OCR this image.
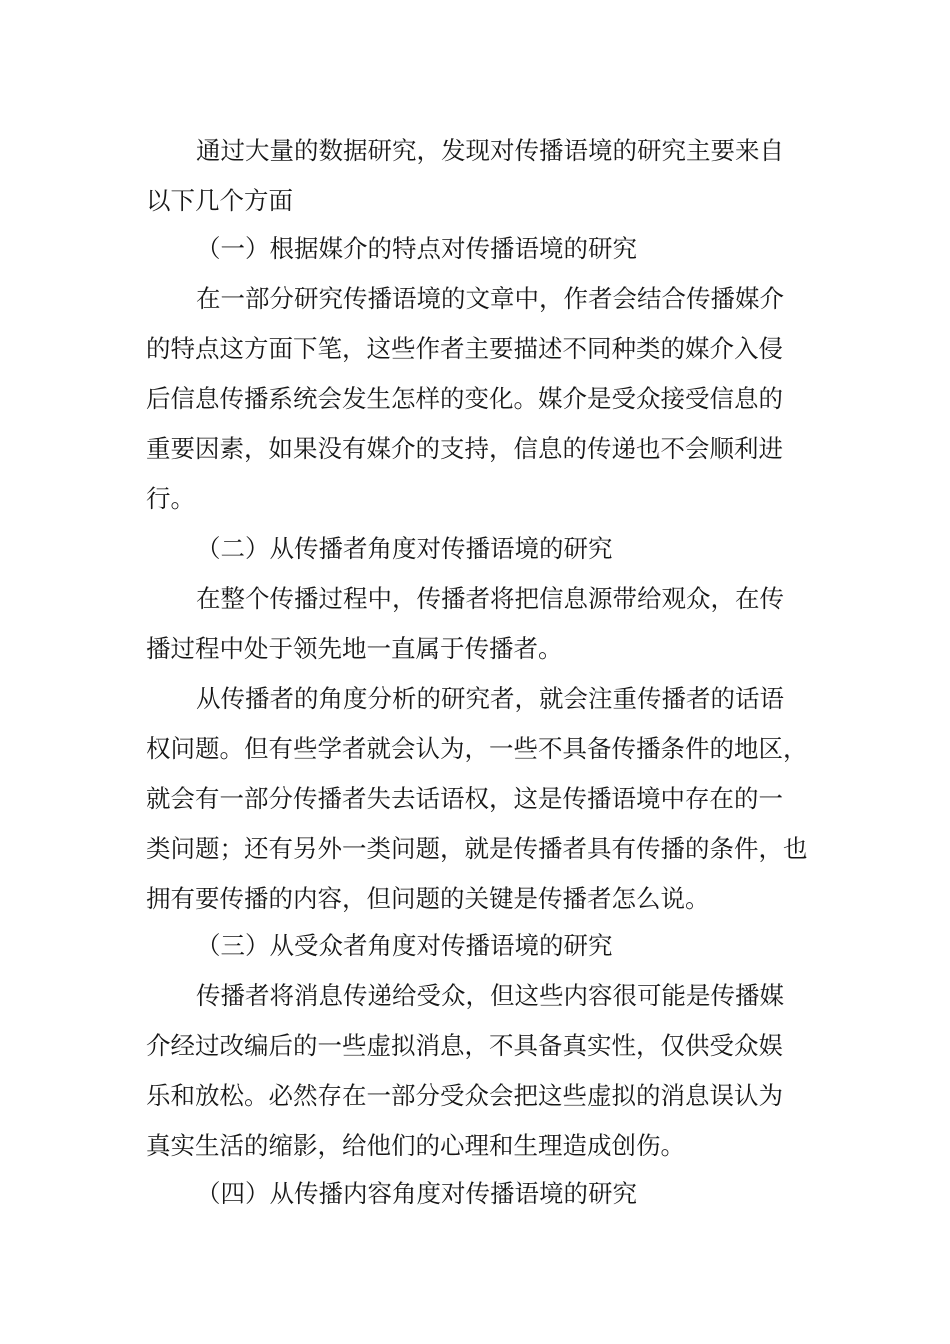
通过大量的数据研究，发现对传播语境的研究主要来自
以下几个方面
（一）根据媒介的特点对传播语境的研究
在一部分研究传播语境的文章中，作者会结合传播媒介
的特点这方面下笔，这些作者主要描述不同种类的媒介入侵
后信息传播系统会发生怎样的变化。媒介是受众接受信息的
重要因素，如果没有媒介的支持，信息的传递也不会顺利进
行。
（二）从传播者角度对传播语境的研究
在整个传播过程中，传播者将把信息源带给观众，在传
播过程中处于领先地一直属于传播者。
从传播者的角度分析的研究者，就会注重传播者的话语
权问题。但有些学者就会认为，一些不具备传播条件的地区，
就会有一部分传播者失去话语权，这是传播语境中存在的一
类问题；还有另外一类问题，就是传播者具有传播的条件，也
拥有要传播的内容，但问题的关键是传播者怎么说。
（三）从受众者角度对传播语境的研究
传播者将消息传递给受众，但这些内容很可能是传播媒
介经过改编后的一些虚拟消息，不具备真实性，仅供受众娱
乐和放松。必然存在一部分受众会把这些虚拟的消息误认为
真实生活的缩影，给他们的心理和生理造成创伤。
（四）从传播内容角度对传播语境的研究
